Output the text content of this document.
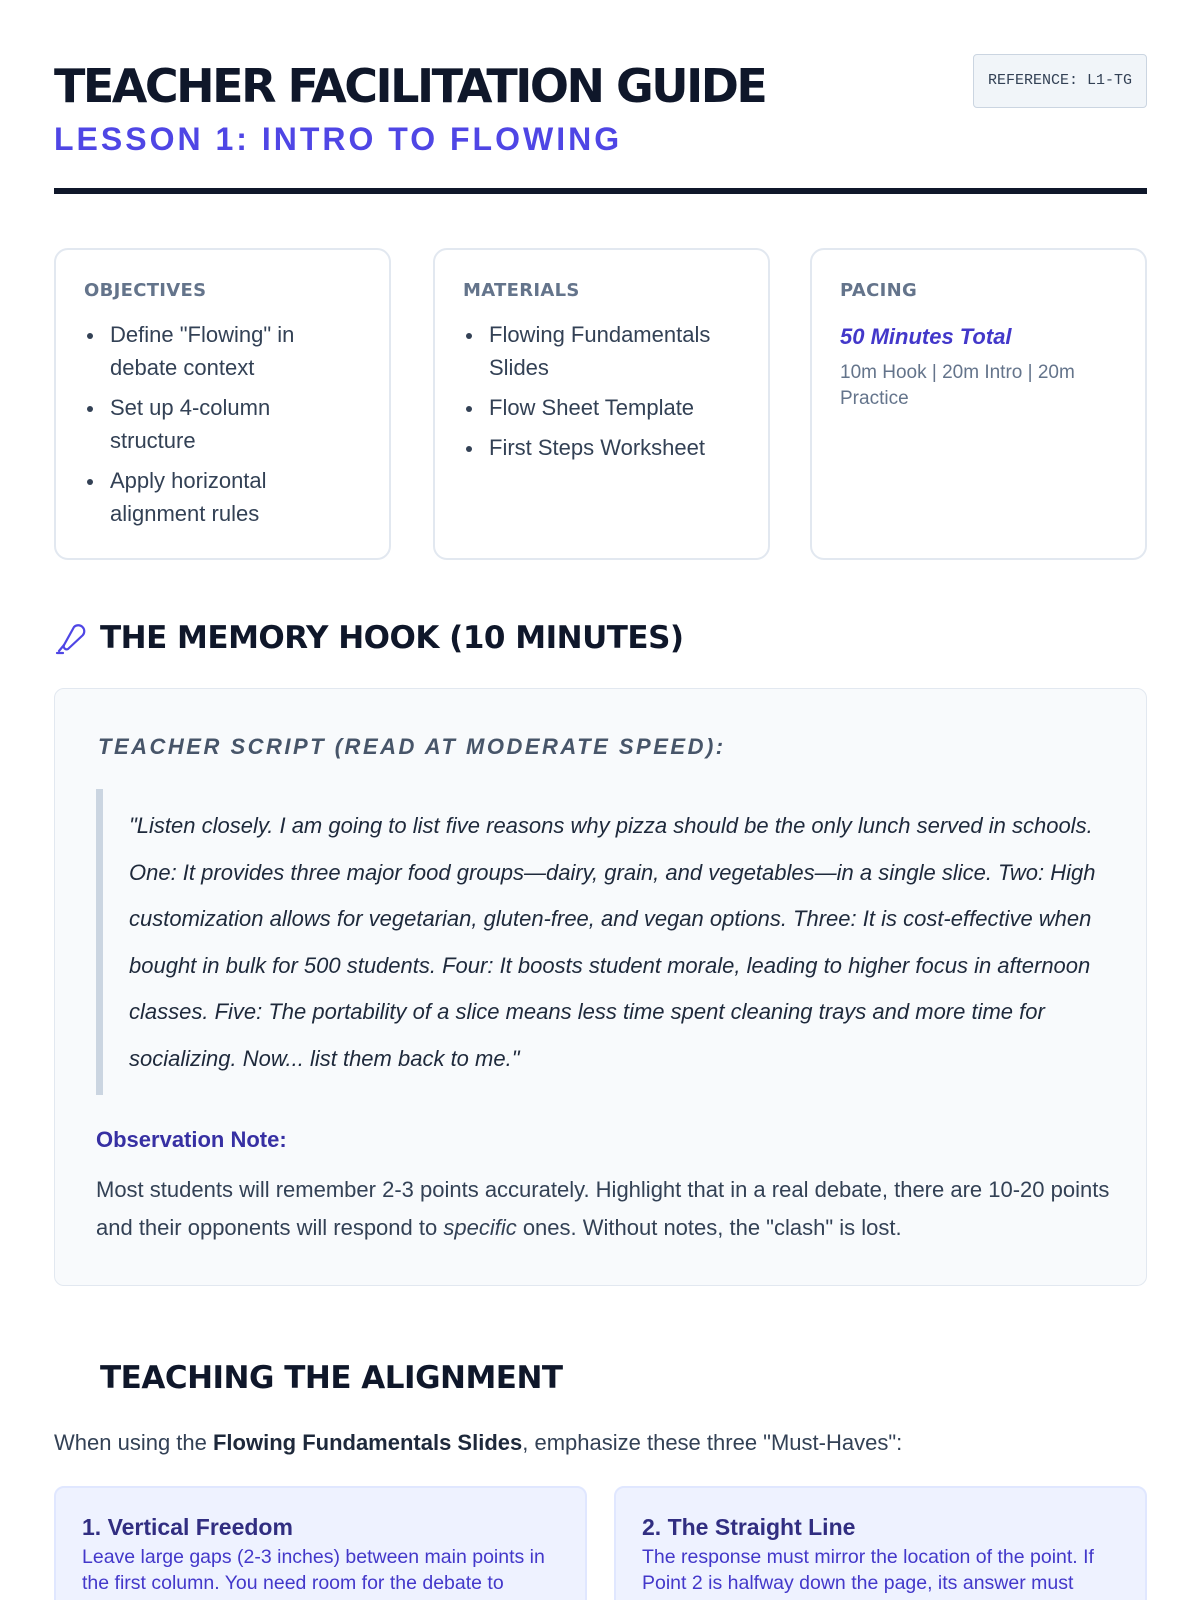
TEACHER FACILITATION GUIDE
LESSON 1: INTRO TO FLOWING
REFERENCE: L1-TG
OBJECTIVES
Define "Flowing" in debate context
Set up 4-column structure
Apply horizontal alignment rules
MATERIALS
Flowing Fundamentals Slides
Flow Sheet Template
First Steps Worksheet
PACING
50 Minutes Total
10m Hook | 20m Intro | 20m Practice
THE MEMORY HOOK (10 MINUTES)
TEACHER SCRIPT (READ AT MODERATE SPEED):
"Listen closely. I am going to list five reasons why pizza should be the only lunch served in schools. One: It provides three major food groups—dairy, grain, and vegetables—in a single slice. Two: High customization allows for vegetarian, gluten-free, and vegan options. Three: It is cost-effective when bought in bulk for 500 students. Four: It boosts student morale, leading to higher focus in afternoon classes. Five: The portability of a slice means less time spent cleaning trays and more time for socializing. Now... list them back to me."
Observation Note:

Most students will remember 2-3 points accurately. Highlight that in a real debate, there are 10-20 points and their opponents will respond to specific ones. Without notes, the "clash" is lost.

TEACHING THE ALIGNMENT

When using the Flowing Fundamentals Slides, emphasize these three "Must-Haves":

1. Vertical Freedom
Leave large gaps (2-3 inches) between main points in the first column. You need room for the debate to
2. The Straight Line
The response must mirror the location of the point. If Point 2 is halfway down the page, its answer must
